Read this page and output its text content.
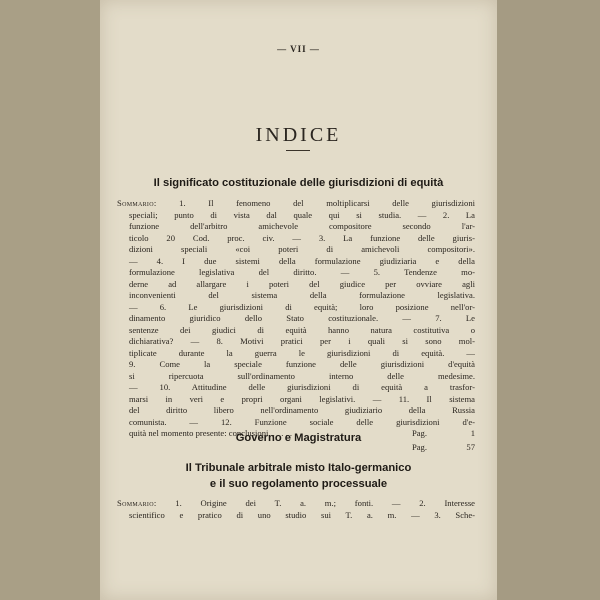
— VII —
INDICE
Il significato costituzionale delle giurisdizioni di equità
Sommario:	1. Il fenomeno del moltiplicarsi delle giurisdizioni
speciali; punto di vista dal quale qui si studia. — 2. La
funzione dell'arbitro amichevole compositore secondo l'ar-
ticolo 20 Cod. proc. civ. — 3. La funzione delle giuris-
dizioni speciali «coi poteri di amichevoli compositori».
— 4. I due sistemi della formulazione giudiziaria e della
formulazione legislativa del diritto. — 5. Tendenze mo-
derne ad allargare i poteri del giudice per ovviare agli
inconvenienti del sistema della formulazione legislativa.
— 6. Le giurisdizioni di equità; loro posizione nell'or-
dinamento giuridico dello Stato costituzionale. — 7. Le
sentenze dei giudici di equità hanno natura costitutiva o
dichiarativa? — 8. Motivi pratici per i quali si sono mol-
tiplicate durante la guerra le giurisdizioni di equità. —
9. Come la speciale funzione delle giurisdizioni d'equità
si ripercuota sull'ordinamento interno delle medesime.
— 10. Attitudine delle giurisdizioni di equità a trasfor-
marsi in veri e propri organi legislativi. — 11. Il sistema
del diritto libero nell'ordinamento giudiziario della Russia
comunista. — 12. Funzione sociale delle giurisdizioni d'e-
quità nel momento presente: conclusioni. . . . . .	Pag.	1
Governo e Magistratura
Pag.	57
Il Tribunale arbitrale misto Italo-germanico
e il suo regolamento processuale
Sommario: 1. Origine dei T. a. m.; fonti. — 2. Interesse
scientifico e pratico di uno studio sui T. a. m. — 3. Sche-
